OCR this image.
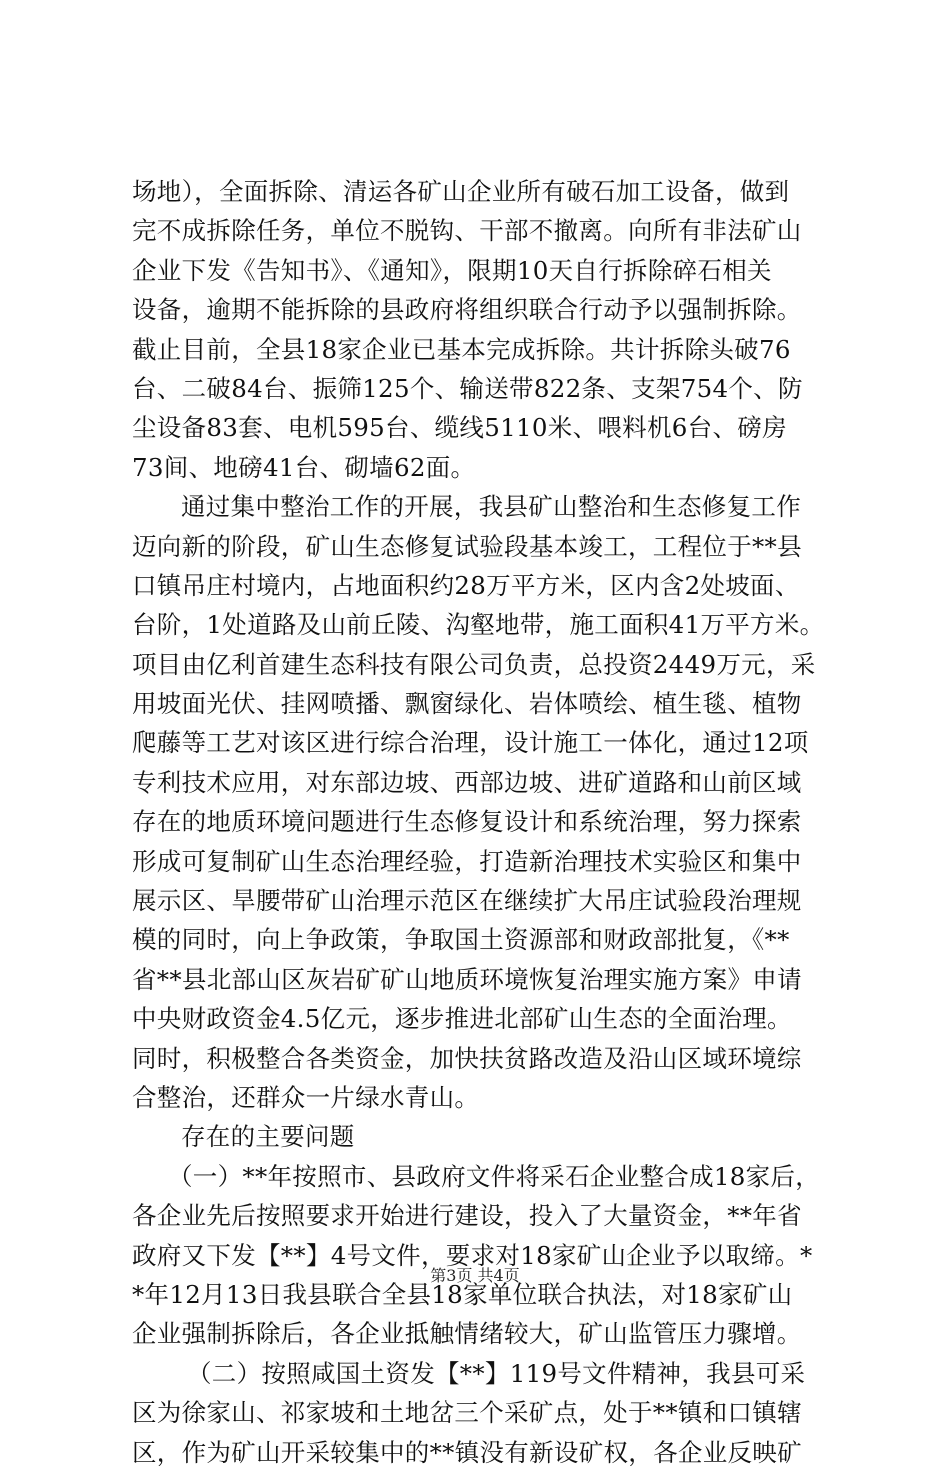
场地），全面拆除、清运各矿山企业所有破石加工设备，做到
完不成拆除任务，单位不脱钩、干部不撤离。向所有非法矿山
企业下发《告知书》、《通知》，限期10天自行拆除碎石相关
设备，逾期不能拆除的县政府将组织联合行动予以强制拆除。
截止目前，全县18家企业已基本完成拆除。共计拆除头破76
台、二破84台、振筛125个、输送带822条、支架754个、防
尘设备83套、电机595台、缆线5110米、喂料机6台、磅房
73间、地磅41台、砌墙62面。
通过集中整治工作的开展，我县矿山整治和生态修复工作
迈向新的阶段，矿山生态修复试验段基本竣工，工程位于**县
口镇吊庄村境内，占地面积约28万平方米，区内含2处坡面、
台阶，1处道路及山前丘陵、沟壑地带，施工面积41万平方米。
项目由亿利首建生态科技有限公司负责，总投资2449万元，采
用坡面光伏、挂网喷播、飘窗绿化、岩体喷绘、植生毯、植物
爬藤等工艺对该区进行综合治理，设计施工一体化，通过12项
专利技术应用，对东部边坡、西部边坡、进矿道路和山前区域
存在的地质环境问题进行生态修复设计和系统治理，努力探索
形成可复制矿山生态治理经验，打造新治理技术实验区和集中
展示区、旱腰带矿山治理示范区在继续扩大吊庄试验段治理规
模的同时，向上争政策，争取国土资源部和财政部批复，《**
省**县北部山区灰岩矿矿山地质环境恢复治理实施方案》申请
中央财政资金4.5亿元，逐步推进北部矿山生态的全面治理。
同时，积极整合各类资金，加快扶贫路改造及沿山区域环境综
合整治，还群众一片绿水青山。
存在的主要问题
（一）**年按照市、县政府文件将采石企业整合成18家后，
各企业先后按照要求开始进行建设，投入了大量资金，**年省
政府又下发【**】4号文件，要求对18家矿山企业予以取缔。*
*年12月13日我县联合全县18家单位联合执法，对18家矿山
企业强制拆除后，各企业抵触情绪较大，矿山监管压力骤增。
（二）按照咸国土资发【**】119号文件精神，我县可采
区为徐家山、祁家坡和土地岔三个采矿点，处于**镇和口镇辖
区，作为矿山开采较集中的**镇没有新设矿权，各企业反映矿
第3页 共4页
